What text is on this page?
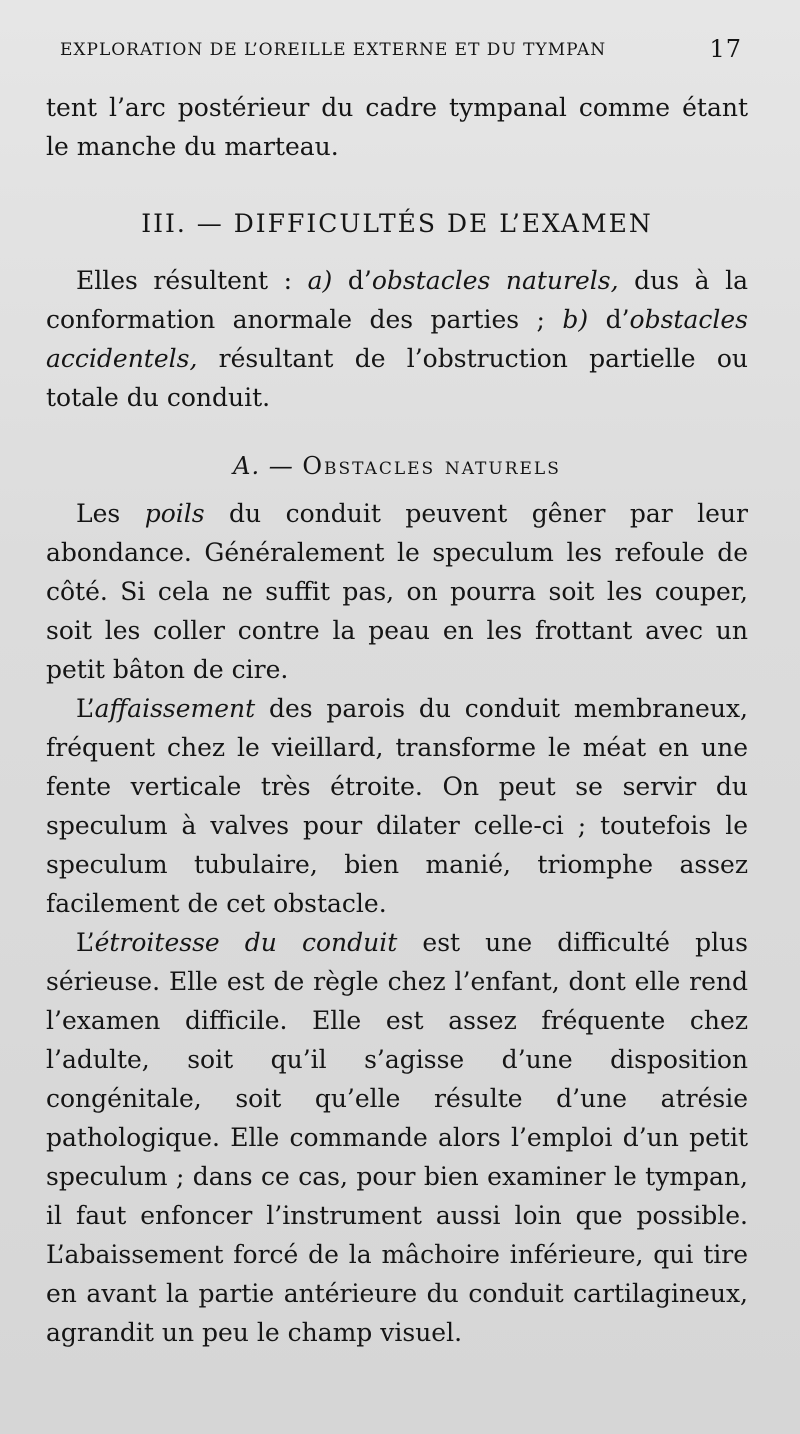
EXPLORATION DE L’OREILLE EXTERNE ET DU TYMPAN	17

tent l’arc postérieur du cadre tympanal comme étant le manche du marteau.

III. — DIFFICULTÉS DE L’EXAMEN

Elles résultent : a) d’obstacles naturels, dus à la conformation anormale des parties ; b) d’obstacles accidentels, résultant de l’obstruction partielle ou totale du conduit.

A. — Obstacles naturels

Les poils du conduit peuvent gêner par leur abondance. Généralement le speculum les refoule de côté. Si cela ne suffit pas, on pourra soit les couper, soit les coller contre la peau en les frottant avec un petit bâton de cire.

L’affaissement des parois du conduit membraneux, fréquent chez le vieillard, transforme le méat en une fente verticale très étroite. On peut se servir du speculum à valves pour dilater celle-ci ; toutefois le speculum tubulaire, bien manié, triomphe assez facilement de cet obstacle.

L’étroitesse du conduit est une difficulté plus sérieuse. Elle est de règle chez l’enfant, dont elle rend l’examen difficile. Elle est assez fréquente chez l’adulte, soit qu’il s’agisse d’une disposition congénitale, soit qu’elle résulte d’une atrésie pathologique. Elle commande alors l’emploi d’un petit speculum ; dans ce cas, pour bien examiner le tympan, il faut enfoncer l’instrument aussi loin que possible. L’abaissement forcé de la mâchoire inférieure, qui tire en avant la partie antérieure du conduit cartilagineux, agrandit un peu le champ visuel.
